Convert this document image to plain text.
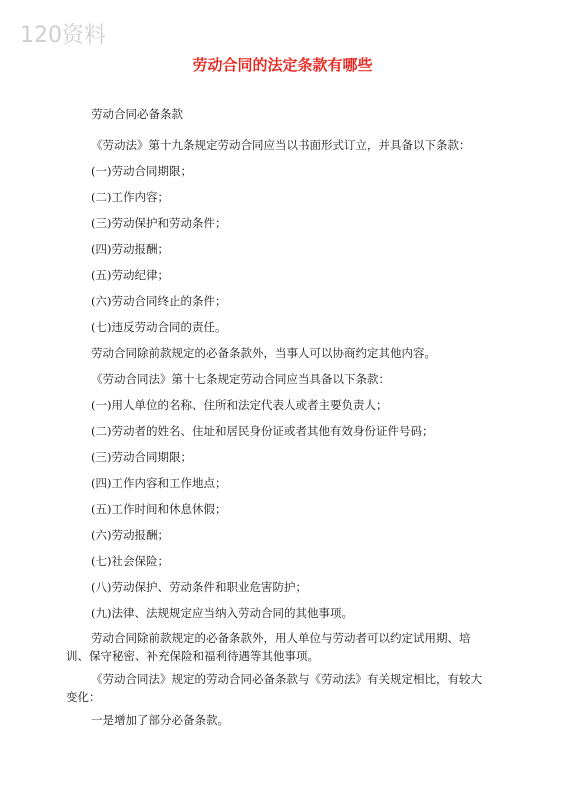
120资料
劳动合同的法定条款有哪些
劳动合同必备条款
《劳动法》第十九条规定劳动合同应当以书面形式订立，并具备以下条款：
(一)劳动合同期限；
(二)工作内容；
(三)劳动保护和劳动条件；
(四)劳动报酬；
(五)劳动纪律；
(六)劳动合同终止的条件；
(七)违反劳动合同的责任。
劳动合同除前款规定的必备条款外，当事人可以协商约定其他内容。
《劳动合同法》第十七条规定劳动合同应当具备以下条款：
(一)用人单位的名称、住所和法定代表人或者主要负责人；
(二)劳动者的姓名、住址和居民身份证或者其他有效身份证件号码；
(三)劳动合同期限；
(四)工作内容和工作地点；
(五)工作时间和休息休假；
(六)劳动报酬；
(七)社会保险；
(八)劳动保护、劳动条件和职业危害防护；
(九)法律、法规规定应当纳入劳动合同的其他事项。
劳动合同除前款规定的必备条款外，用人单位与劳动者可以约定试用期、培训、保守秘密、补充保险和福利待遇等其他事项。
《劳动合同法》规定的劳动合同必备条款与《劳动法》有关规定相比，有较大变化：
一是增加了部分必备条款。
